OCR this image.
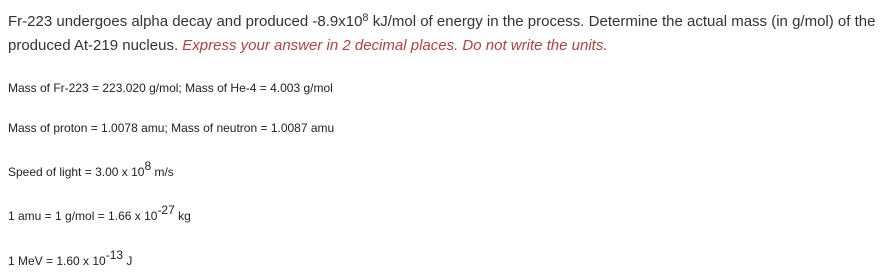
Fr-223 undergoes alpha decay and produced $-8.9x10^8$ kJ/mol of energy in the process. Determine the actual mass (in g/mol) of the produced At-219 nucleus. Express your answer in 2 decimal places. Do not write the units.
Mass of Fr-223 = 223.020 g/mol; Mass of He-4 = 4.003 g/mol
Mass of proton = 1.0078 amu; Mass of neutron = 1.0087 amu
Speed of light = 3.00 x $10^8$ m/s
1 amu = 1 g/mol = 1.66 x $10^{-27}$ kg
1 MeV = 1.60 x $10^{-13}$ J
